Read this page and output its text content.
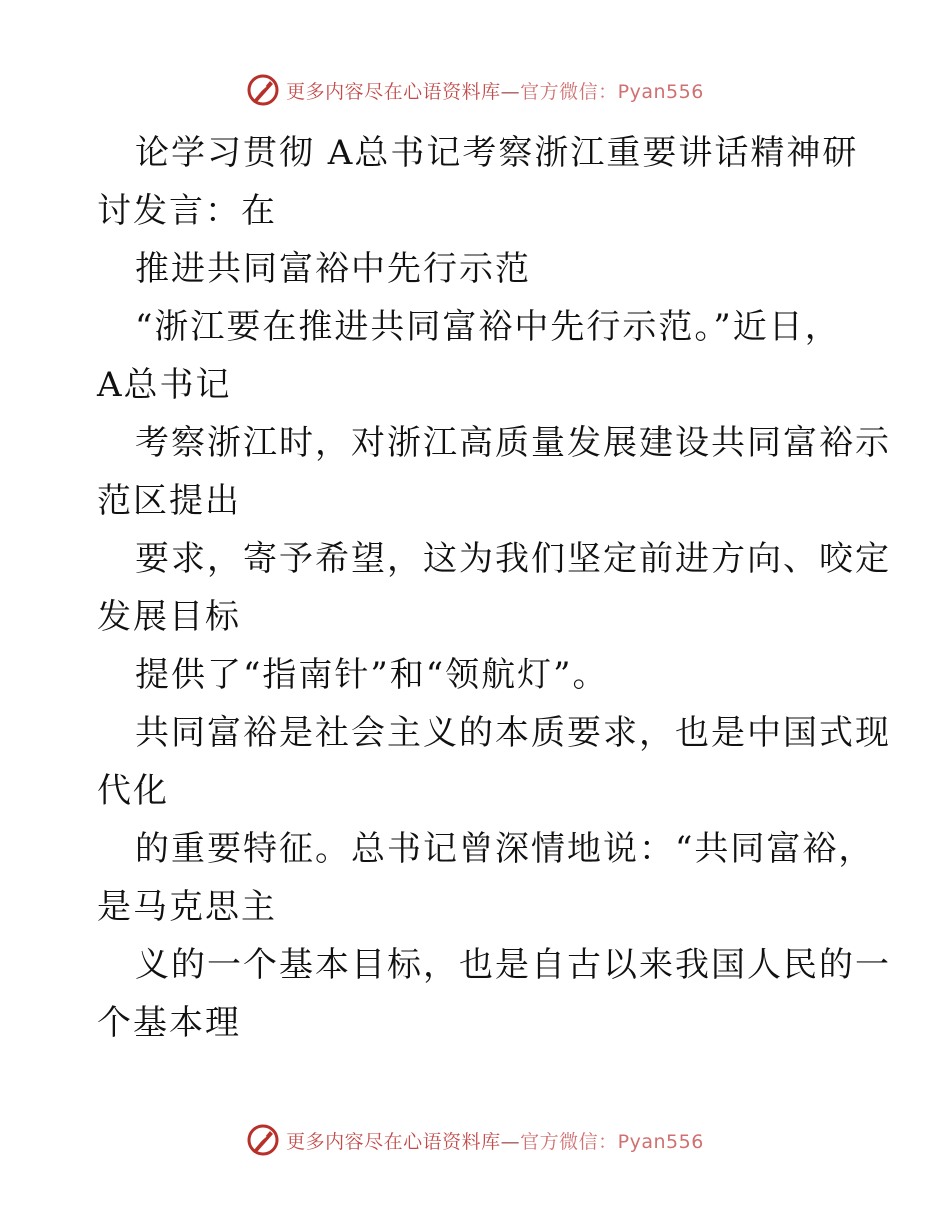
更多内容尽在心语资料库—官方微信：Pyan556
论学习贯彻 A总书记考察浙江重要讲话精神研
讨发言：在
推进共同富裕中先行示范
“浙江要在推进共同富裕中先行示范。”近日，
A总书记
考察浙江时，对浙江高质量发展建设共同富裕示
范区提出
要求，寄予希望，这为我们坚定前进方向、咬定
发展目标
提供了“指南针”和“领航灯”。
共同富裕是社会主义的本质要求，也是中国式现
代化
的重要特征。总书记曾深情地说：“共同富裕，
是马克思主
义的一个基本目标，也是自古以来我国人民的一
个基本理
更多内容尽在心语资料库—官方微信：Pyan556
